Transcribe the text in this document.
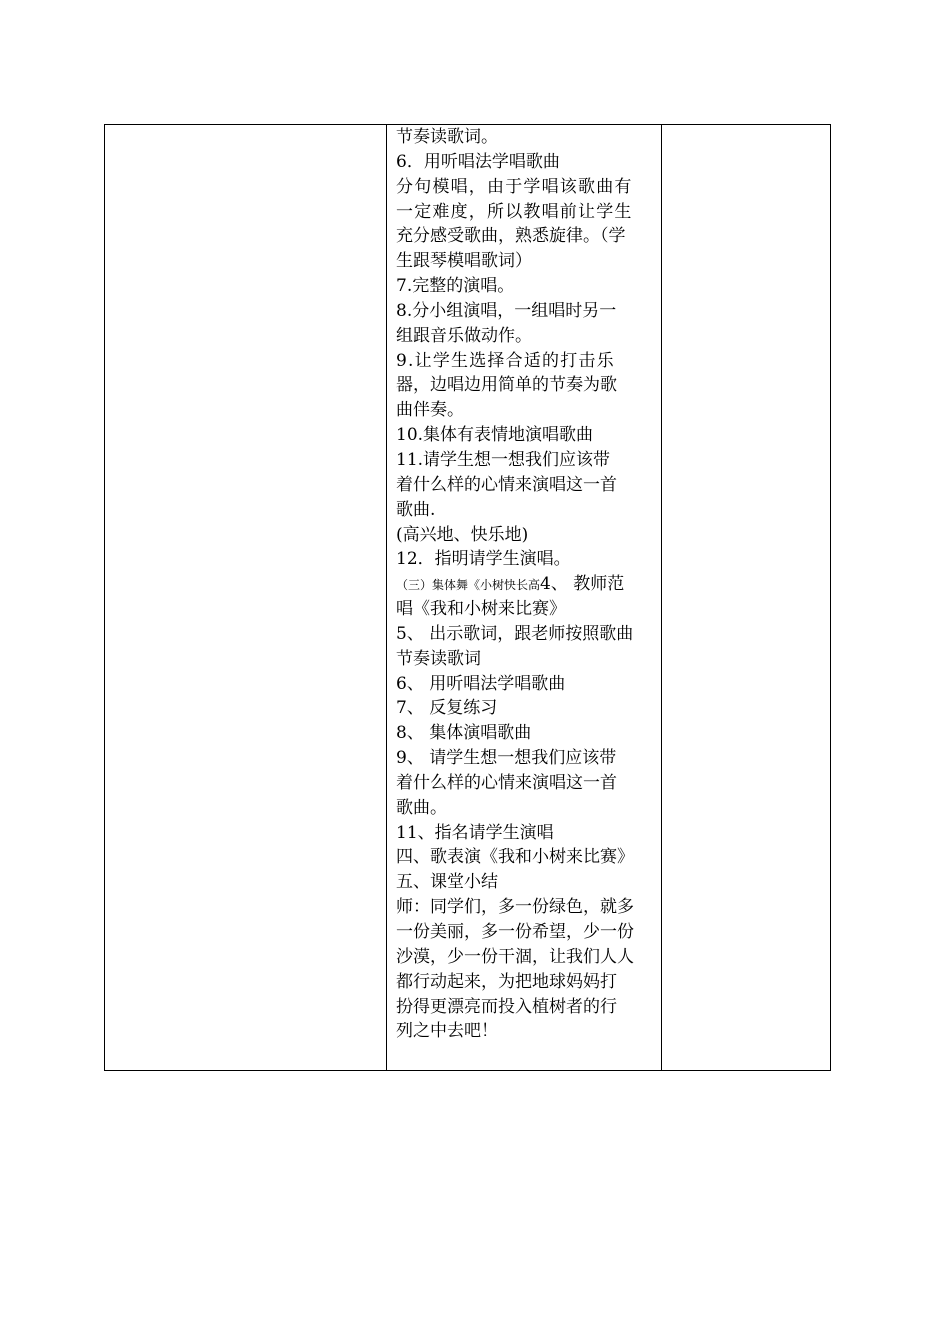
节奏读歌词。
6．用听唱法学唱歌曲
分句模唱，由于学唱该歌曲有
一定难度，所以教唱前让学生
充分感受歌曲，熟悉旋律。（学
生跟琴模唱歌词）
7.完整的演唱。
8.分小组演唱，一组唱时另一
组跟音乐做动作。
9.让学生选择合适的打击乐
器，边唱边用简单的节奏为歌
曲伴奏。
10.集体有表情地演唱歌曲
11.请学生想一想我们应该带
着什么样的心情来演唱这一首
歌曲.
(高兴地、快乐地)
12．指明请学生演唱。
（三）集体舞《小树快长高4、 教师范
唱《我和小树来比赛》
5、 出示歌词，跟老师按照歌曲
节奏读歌词
6、 用听唱法学唱歌曲
7、 反复练习
8、 集体演唱歌曲
9、 请学生想一想我们应该带
着什么样的心情来演唱这一首
歌曲。
11、指名请学生演唱
四、歌表演《我和小树来比赛》
五、课堂小结
师：同学们，多一份绿色，就多
一份美丽，多一份希望，少一份
沙漠，少一份干涸，让我们人人
都行动起来，为把地球妈妈打
扮得更漂亮而投入植树者的行
列之中去吧！
